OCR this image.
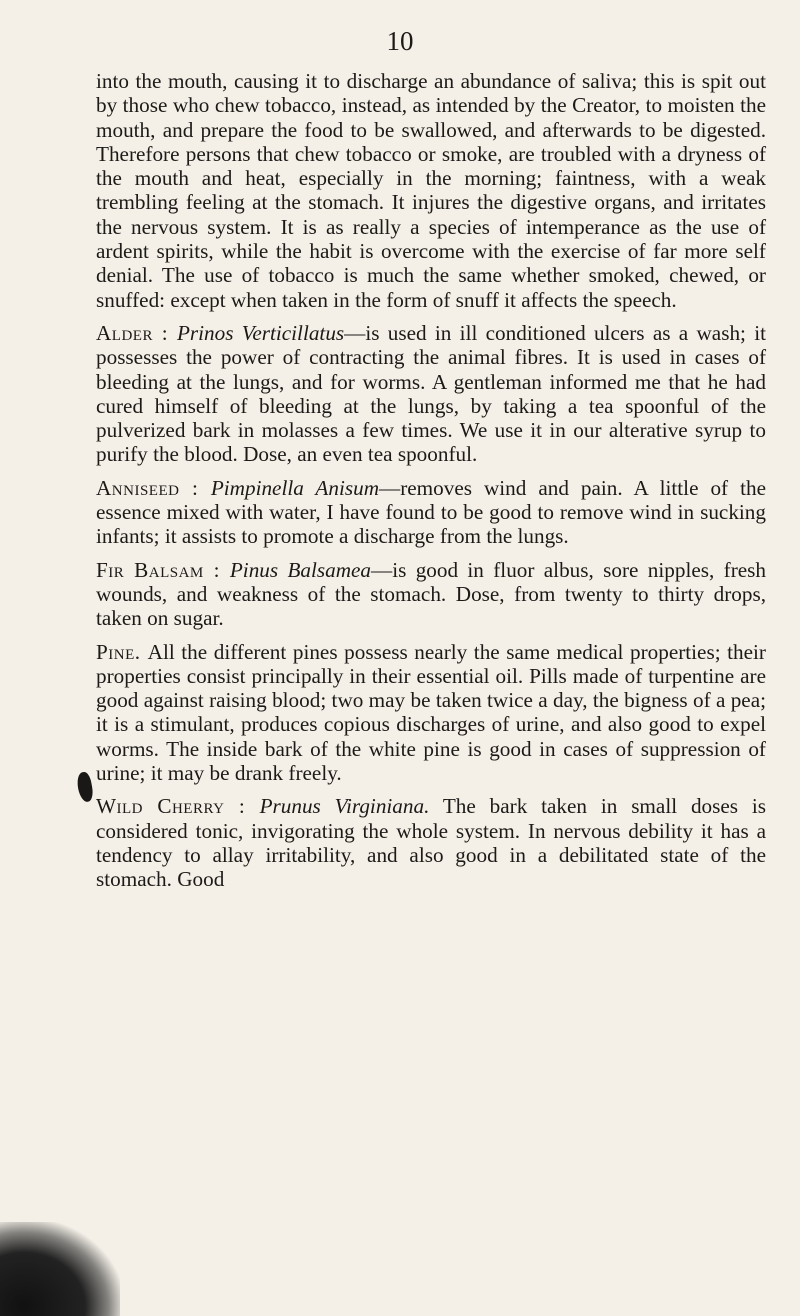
10

into the mouth, causing it to discharge an abundance of saliva; this is spit out by those who chew tobacco, instead, as intended by the Creator, to moisten the mouth, and prepare the food to be swallowed, and afterwards to be digested. Therefore persons that chew tobacco or smoke, are troubled with a dryness of the mouth and heat, especially in the morning; faintness, with a weak trembling feeling at the stomach. It injures the digestive organs, and irritates the nervous system. It is as really a species of intemperance as the use of ardent spirits, while the habit is overcome with the exercise of far more self denial. The use of tobacco is much the same whether smoked, chewed, or snuffed: except when taken in the form of snuff it affects the speech.

Alder : Prinos Verticillatus—is used in ill conditioned ulcers as a wash; it possesses the power of contracting the animal fibres. It is used in cases of bleeding at the lungs, and for worms. A gentleman informed me that he had cured himself of bleeding at the lungs, by taking a tea spoonful of the pulverized bark in molasses a few times. We use it in our alterative syrup to purify the blood. Dose, an even tea spoonful.

Anniseed : Pimpinella Anisum—removes wind and pain. A little of the essence mixed with water, I have found to be good to remove wind in sucking infants; it assists to promote a discharge from the lungs.

Fir Balsam : Pinus Balsamea—is good in fluor albus, sore nipples, fresh wounds, and weakness of the stomach. Dose, from twenty to thirty drops, taken on sugar.

Pine. All the different pines possess nearly the same medical properties; their properties consist principally in their essential oil. Pills made of turpentine are good against raising blood; two may be taken twice a day, the bigness of a pea; it is a stimulant, produces copious discharges of urine, and also good to expel worms. The inside bark of the white pine is good in cases of suppression of urine; it may be drank freely.

Wild Cherry : Prunus Virginiana. The bark taken in small doses is considered tonic, invigorating the whole system. In nervous debility it has a tendency to allay irritability, and also good in a debilitated state of the stomach. Good
